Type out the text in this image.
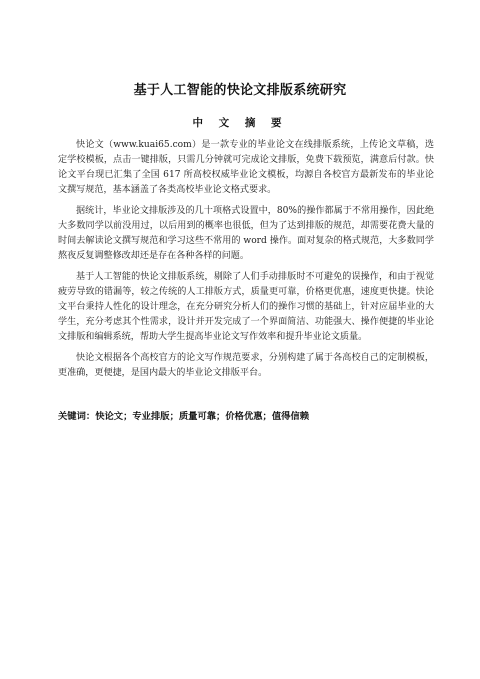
基于人工智能的快论文排版系统研究
中 文 摘 要

快论文（www.kuai65.com）是一款专业的毕业论文在线排版系统，上传论文草稿，选定学校模板，点击一键排版，只需几分钟就可完成论文排版，免费下载预览，满意后付款。快论文平台现已汇集了全国 617 所高校权威毕业论文模板，均源自各校官方最新发布的毕业论文撰写规范，基本涵盖了各类高校毕业论文格式要求。

据统计，毕业论文排版涉及的几十项格式设置中，80%的操作都属于不常用操作，因此绝大多数同学以前没用过，以后用到的概率也很低，但为了达到排版的规范，却需要花费大量的时间去解读论文撰写规范和学习这些不常用的 word 操作。面对复杂的格式规范，大多数同学熬夜反复调整修改却还是存在各种各样的问题。

基于人工智能的快论文排版系统，剔除了人们手动排版时不可避免的误操作，和由于视觉疲劳导致的错漏等，较之传统的人工排版方式，质量更可靠，价格更优惠，速度更快捷。快论文平台秉持人性化的设计理念，在充分研究分析人们的操作习惯的基础上，针对应届毕业的大学生，充分考虑其个性需求，设计并开发完成了一个界面简洁、功能强大、操作便捷的毕业论文排版和编辑系统，帮助大学生提高毕业论文写作效率和提升毕业论文质量。

快论文根据各个高校官方的论文写作规范要求，分别构建了属于各高校自己的定制模板，更准确，更便捷，是国内最大的毕业论文排版平台。

关键词：快论文；专业排版；质量可靠；价格优惠；值得信赖
